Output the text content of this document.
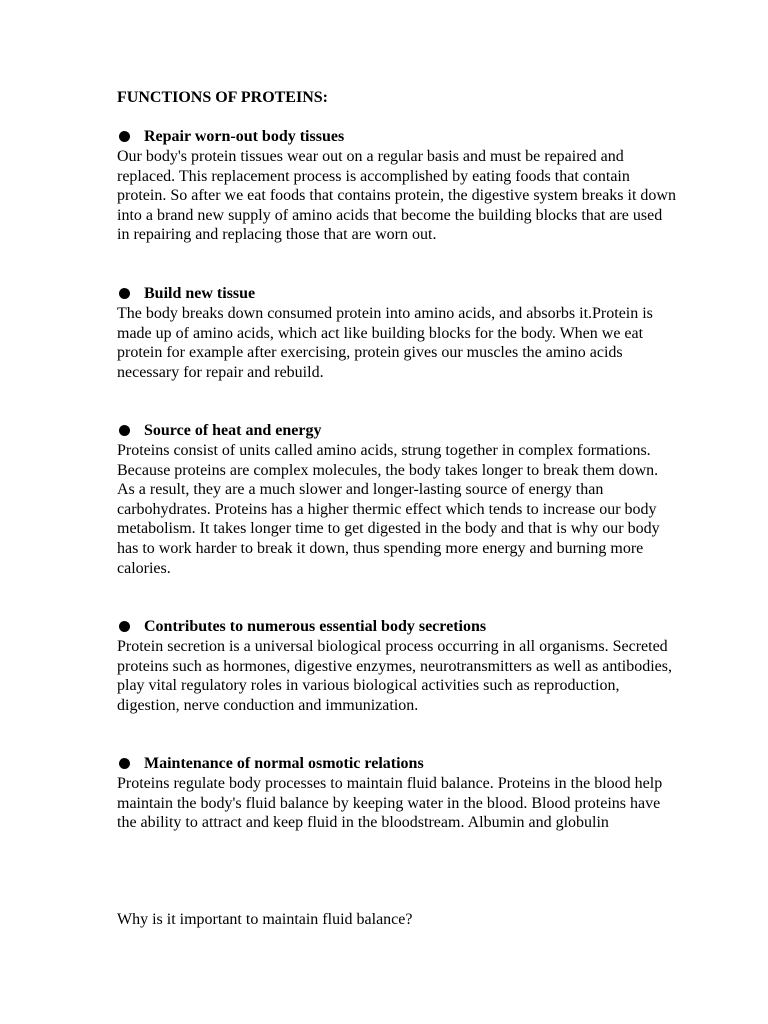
FUNCTIONS OF PROTEINS:
Repair worn-out body tissues
Our body's protein tissues wear out on a regular basis and must be repaired and replaced. This replacement process is accomplished by eating foods that contain protein. So after we eat foods that contains protein, the digestive system breaks it down into a brand new supply of amino acids that become the building blocks that are used in repairing and replacing those that are worn out.
Build new tissue
The body breaks down consumed protein into amino acids, and absorbs it.Protein is made up of amino acids, which act like building blocks for the body. When we eat protein for example after exercising, protein gives our muscles the amino acids necessary for repair and rebuild.
Source of heat and energy
Proteins consist of units called amino acids, strung together in complex formations. Because proteins are complex molecules, the body takes longer to break them down. As a result, they are a much slower and longer-lasting source of energy than carbohydrates. Proteins has a higher thermic effect which tends to increase our body metabolism. It takes longer time to get digested in the body and that is why our body has to work harder to break it down, thus spending more energy and burning more calories.
Contributes to numerous essential body secretions
Protein secretion is a universal biological process occurring in all organisms. Secreted proteins such as hormones, digestive enzymes, neurotransmitters as well as antibodies, play vital regulatory roles in various biological activities such as reproduction, digestion, nerve conduction and immunization.
Maintenance of normal osmotic relations
Proteins regulate body processes to maintain fluid balance. Proteins in the blood help maintain the body's fluid balance by keeping water in the blood. Blood proteins have the ability to attract and keep fluid in the bloodstream. Albumin and globulin
Why is it important to maintain fluid balance?
